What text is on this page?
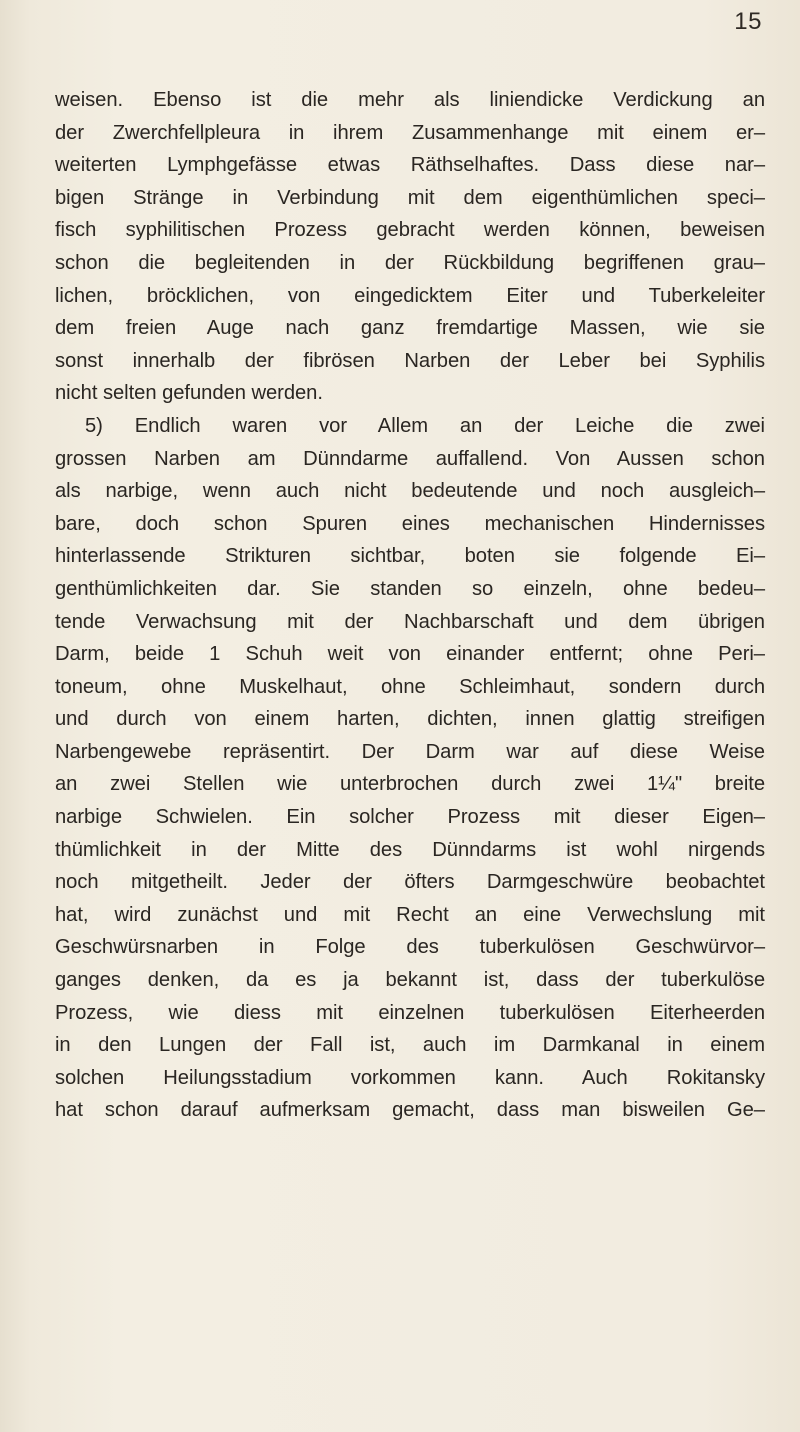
15
weisen. Ebenso ist die mehr als liniendicke Verdickung an
der Zwerchfellpleura in ihrem Zusammenhange mit einem er–
weiterten Lymphgefässe etwas Räthselhaftes. Dass diese nar–
bigen Stränge in Verbindung mit dem eigenthümlichen speci–
fisch syphilitischen Prozess gebracht werden können, beweisen
schon die begleitenden in der Rückbildung begriffenen grau–
lichen, bröcklichen, von eingedicktem Eiter und Tuberkeleiter
dem freien Auge nach ganz fremdartige Massen, wie sie
sonst innerhalb der fibrösen Narben der Leber bei Syphilis
nicht selten gefunden werden.
5) Endlich waren vor Allem an der Leiche die zwei
grossen Narben am Dünndarme auffallend. Von Aussen schon
als narbige, wenn auch nicht bedeutende und noch ausgleich–
bare, doch schon Spuren eines mechanischen Hindernisses
hinterlassende Strikturen sichtbar, boten sie folgende Ei–
genthümlichkeiten dar. Sie standen so einzeln, ohne bedeu–
tende Verwachsung mit der Nachbarschaft und dem übrigen
Darm, beide 1 Schuh weit von einander entfernt; ohne Peri–
toneum, ohne Muskelhaut, ohne Schleimhaut, sondern durch
und durch von einem harten, dichten, innen glattig streifigen
Narbengewebe repräsentirt. Der Darm war auf diese Weise
an zwei Stellen wie unterbrochen durch zwei 1¼" breite
narbige Schwielen. Ein solcher Prozess mit dieser Eigen–
thümlichkeit in der Mitte des Dünndarms ist wohl nirgends
noch mitgetheilt. Jeder der öfters Darmgeschwüre beobachtet
hat, wird zunächst und mit Recht an eine Verwechslung mit
Geschwürsnarben in Folge des tuberkulösen Geschwürvor–
ganges denken, da es ja bekannt ist, dass der tuberkulöse
Prozess, wie diess mit einzelnen tuberkulösen Eiterheerden
in den Lungen der Fall ist, auch im Darmkanal in einem
solchen Heilungsstadium vorkommen kann. Auch Rokitansky
hat schon darauf aufmerksam gemacht, dass man bisweilen Ge–
